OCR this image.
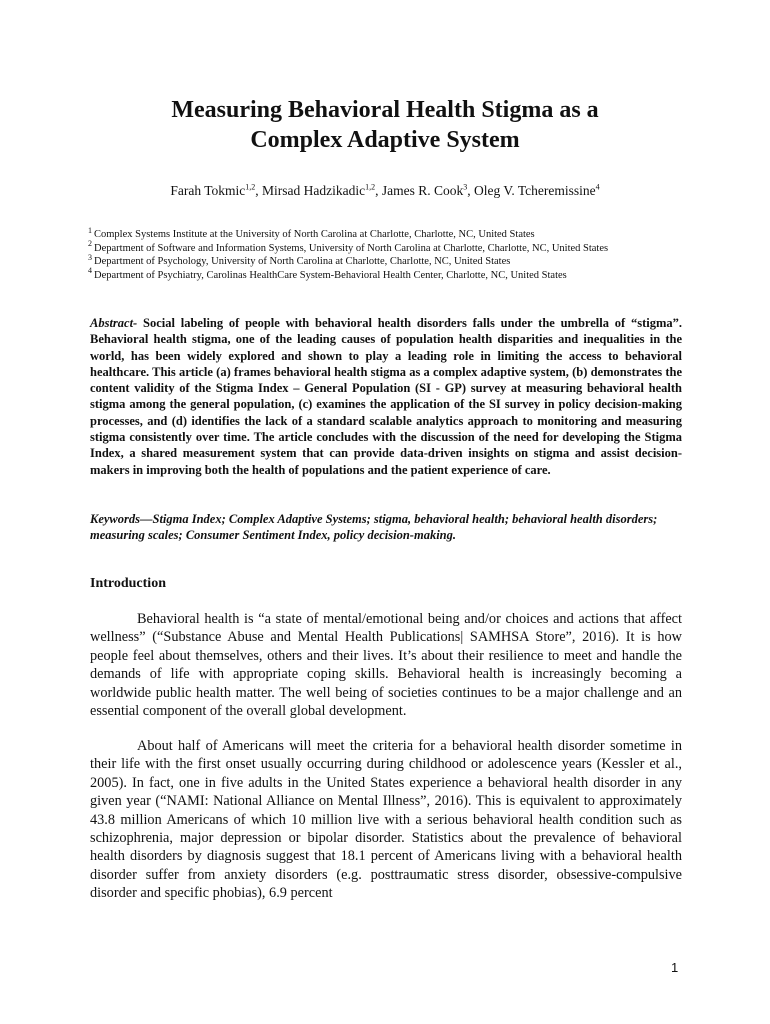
Measuring Behavioral Health Stigma as a
Complex Adaptive System
Farah Tokmic$^{1,2}$, Mirsad Hadzikadic$^{1,2}$, James R. Cook$^3$, Oleg V. Tcheremissine$^4$
$^1$ Complex Systems Institute at the University of North Carolina at Charlotte, Charlotte, NC, United States
$^2$ Department of Software and Information Systems, University of North Carolina at Charlotte, Charlotte, NC, United States
$^3$ Department of Psychology, University of North Carolina at Charlotte, Charlotte, NC, United States
$^4$ Department of Psychiatry, Carolinas HealthCare System-Behavioral Health Center, Charlotte, NC, United States
Abstract- Social labeling of people with behavioral health disorders falls under the umbrella of “stigma”. Behavioral health stigma, one of the leading causes of population health disparities and inequalities in the world, has been widely explored and shown to play a leading role in limiting the access to behavioral healthcare. This article (a) frames behavioral health stigma as a complex adaptive system, (b) demonstrates the content validity of the Stigma Index – General Population (SI - GP) survey at measuring behavioral health stigma among the general population, (c) examines the application of the SI survey in policy decision-making processes, and (d) identifies the lack of a standard scalable analytics approach to monitoring and measuring stigma consistently over time. The article concludes with the discussion of the need for developing the Stigma Index, a shared measurement system that can provide data-driven insights on stigma and assist decision-makers in improving both the health of populations and the patient experience of care.
Keywords—Stigma Index; Complex Adaptive Systems; stigma, behavioral health; behavioral health disorders; measuring scales; Consumer Sentiment Index, policy decision-making.
Introduction
Behavioral health is “a state of mental/emotional being and/or choices and actions that affect wellness” (“Substance Abuse and Mental Health Publications| SAMHSA Store”, 2016). It is how people feel about themselves, others and their lives. It’s about their resilience to meet and handle the demands of life with appropriate coping skills. Behavioral health is increasingly becoming a worldwide public health matter. The well being of societies continues to be a major challenge and an essential component of the overall global development.
About half of Americans will meet the criteria for a behavioral health disorder sometime in their life with the first onset usually occurring during childhood or adolescence years (Kessler et al., 2005). In fact, one in five adults in the United States experience a behavioral health disorder in any given year (“NAMI: National Alliance on Mental Illness”, 2016). This is equivalent to approximately 43.8 million Americans of which 10 million live with a serious behavioral health condition such as schizophrenia, major depression or bipolar disorder. Statistics about the prevalence of behavioral health disorders by diagnosis suggest that 18.1 percent of Americans living with a behavioral health disorder suffer from anxiety disorders (e.g. posttraumatic stress disorder, obsessive-compulsive disorder and specific phobias), 6.9 percent
1
